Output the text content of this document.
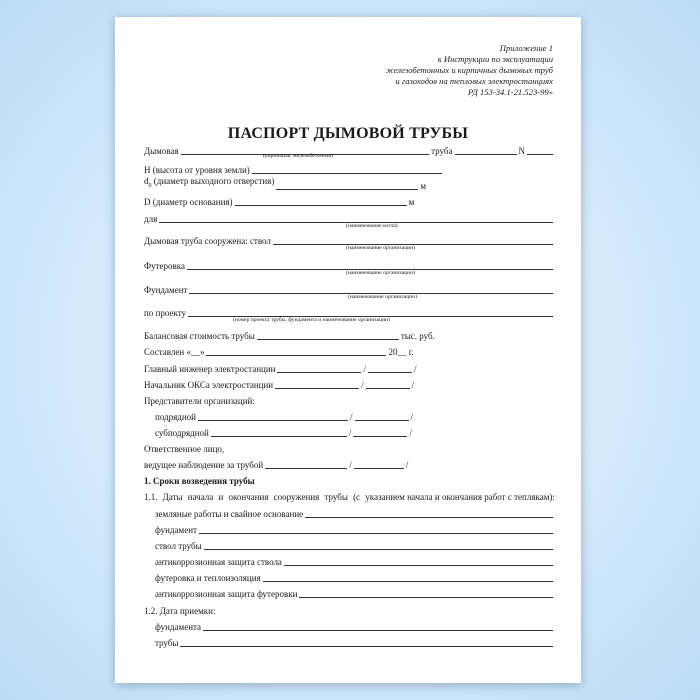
Приложение 1
к Инструкции по эксплуатации
железобетонных и кирпичных дымовых труб
и газоходов на тепловых электростанциях
РД 153-34.1-21.523-99»
ПАСПОРТ ДЫМОВОЙ ТРУБЫ
Дымовая	труба	N
(кирпичная, железобетонная)
H (высота от уровня земли)
$d_0$ (диаметр выходного отверстия)	м
D (диаметр основания)	м
для
(наименование котла)
Дымовая труба сооружена: ствол
(наименование организации)
Футеровка
(наименование организации)
Фундамент
(наименование организации)
по проекту
(номер проекта трубы, фундамента и наименование организации)
Балансовая стоимость трубы	тыс. руб.
Составлен «__»	20__ г.
Главный инженер электростанции	/	/
Начальник ОКСа электростанции	/	/
Представители организаций:
подрядной	/	/
субподрядной	/	/
Ответственное лицо,
ведущее наблюдение за трубой	/	/
1. Сроки возведения трубы
1.1. Даты начала и окончания сооружения трубы (с указанием начала и окончания работ с теплякам):
земляные работы и свайное основание
фундамент
ствол трубы
антикоррозионная защита ствола
футеровка и теплоизоляция
антикоррозионная защита футеровки
1.2. Дата приемки:
фундамента
трубы
